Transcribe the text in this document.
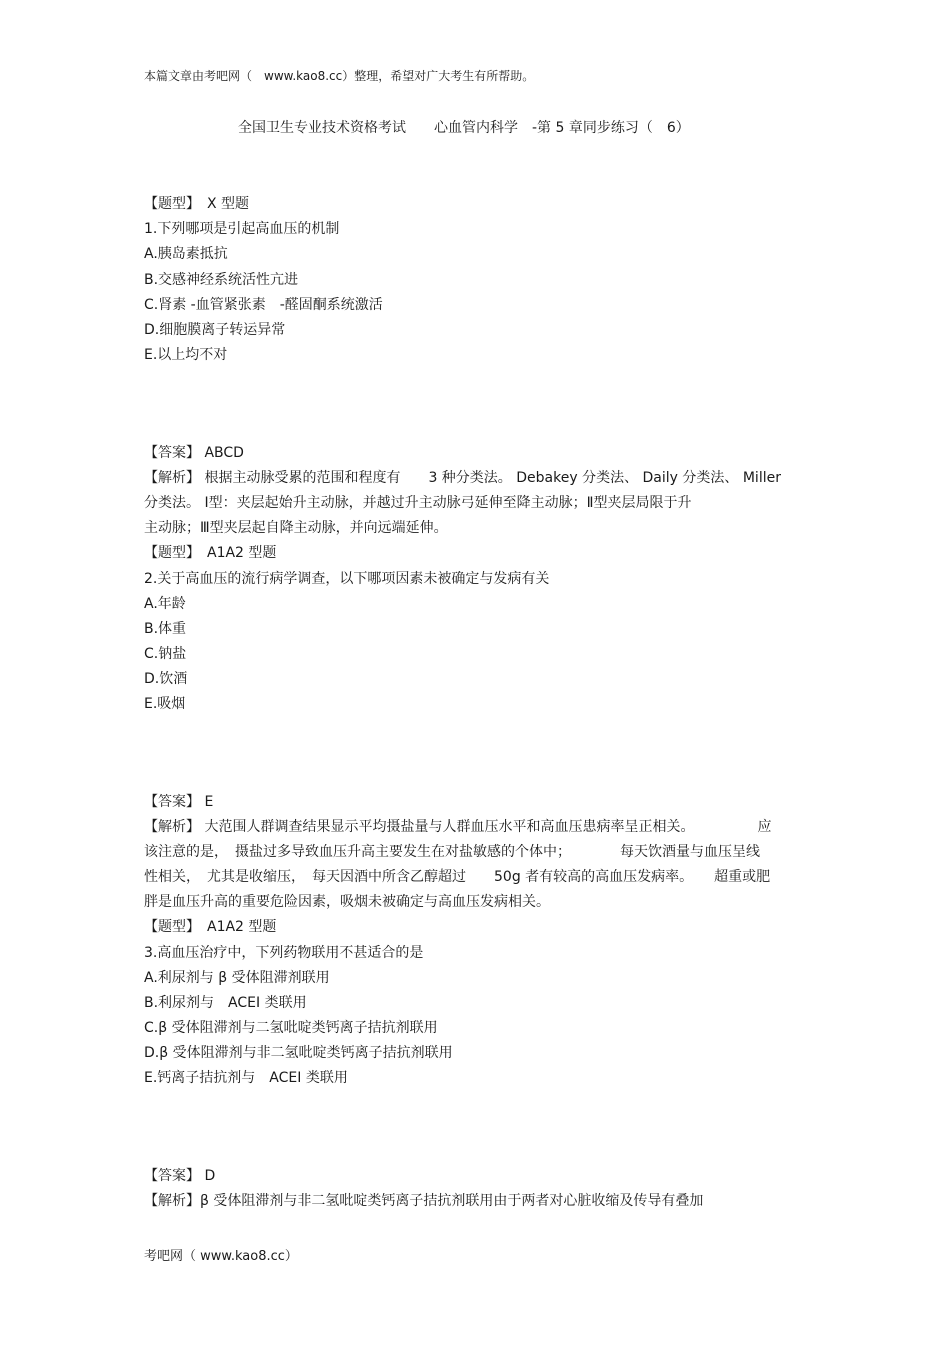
本篇文章由考吧网（　www.kao8.cc）整理，希望对广大考生有所帮助。
全国卫生专业技术资格考试　　心血管内科学　-第 5 章同步练习（　6）
【题型】　X 型题
1.下列哪项是引起高血压的机制
A.胰岛素抵抗
B.交感神经系统活性亢进
C.肾素 -血管紧张素　-醛固酮系统激活
D.细胞膜离子转运异常
E.以上均不对
【答案】 ABCD
【解析】 根据主动脉受累的范围和程度有　　3 种分类法。 Debakey 分类法、 Daily 分类法、 Miller
分类法。 Ⅰ型：夹层起始升主动脉，并越过升主动脉弓延伸至降主动脉；Ⅱ型夹层局限于升
主动脉；Ⅲ型夹层起自降主动脉，并向远端延伸。
【题型】　A1A2 型题
2.关于高血压的流行病学调查，以下哪项因素未被确定与发病有关
A.年龄
B.体重
C.钠盐
D.饮酒
E.吸烟
【答案】 E
【解析】 大范围人群调查结果显示平均摄盐量与人群血压水平和高血压患病率呈正相关。　　　　　应
该注意的是，　摄盐过多导致血压升高主要发生在对盐敏感的个体中；　　　　每天饮酒量与血压呈线
性相关，　尤其是收缩压，　每天因酒中所含乙醇超过　　50g 者有较高的高血压发病率。　　超重或肥
胖是血压升高的重要危险因素，吸烟未被确定与高血压发病相关。
【题型】　A1A2 型题
3.高血压治疗中，下列药物联用不甚适合的是
A.利尿剂与 β 受体阻滞剂联用
B.利尿剂与　ACEI 类联用
C.β 受体阻滞剂与二氢吡啶类钙离子拮抗剂联用
D.β 受体阻滞剂与非二氢吡啶类钙离子拮抗剂联用
E.钙离子拮抗剂与　ACEI 类联用
【答案】 D
【解析】β 受体阻滞剂与非二氢吡啶类钙离子拮抗剂联用由于两者对心脏收缩及传导有叠加
考吧网（ www.kao8.cc）
